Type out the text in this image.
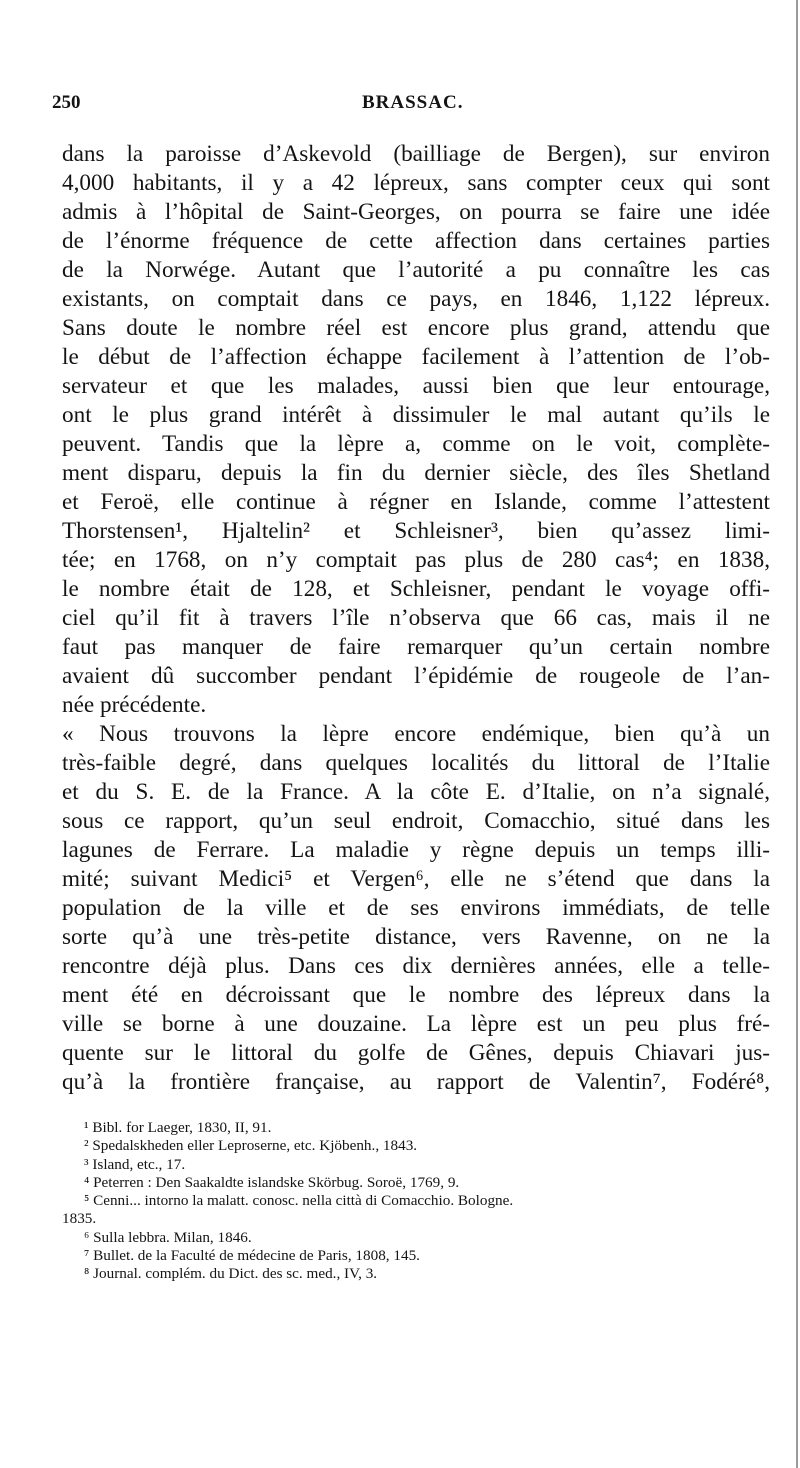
250	BRASSAC.
dans la paroisse d’Askevold (bailliage de Bergen), sur environ
4,000 habitants, il y a 42 lépreux, sans compter ceux qui sont
admis à l’hôpital de Saint-Georges, on pourra se faire une idée
de l’énorme fréquence de cette affection dans certaines parties
de la Norwége. Autant que l’autorité a pu connaître les cas
existants, on comptait dans ce pays, en 1846, 1,122 lépreux.
Sans doute le nombre réel est encore plus grand, attendu que
le début de l’affection échappe facilement à l’attention de l’ob-
servateur et que les malades, aussi bien que leur entourage,
ont le plus grand intérêt à dissimuler le mal autant qu’ils le
peuvent. Tandis que la lèpre a, comme on le voit, complète-
ment disparu, depuis la fin du dernier siècle, des îles Shetland
et Feroë, elle continue à régner en Islande, comme l’attestent
Thorstensen¹, Hjaltelin² et Schleisner³, bien qu’assez limi-
tée; en 1768, on n’y comptait pas plus de 280 cas⁴; en 1838,
le nombre était de 128, et Schleisner, pendant le voyage offi-
ciel qu’il fit à travers l’île n’observa que 66 cas, mais il ne
faut pas manquer de faire remarquer qu’un certain nombre
avaient dû succomber pendant l’épidémie de rougeole de l’an-
née précédente.
« Nous trouvons la lèpre encore endémique, bien qu’à un
très-faible degré, dans quelques localités du littoral de l’Italie
et du S. E. de la France. A la côte E. d’Italie, on n’a signalé,
sous ce rapport, qu’un seul endroit, Comacchio, situé dans les
lagunes de Ferrare. La maladie y règne depuis un temps illi-
mité; suivant Medici⁵ et Vergen⁶, elle ne s’étend que dans la
population de la ville et de ses environs immédiats, de telle
sorte qu’à une très-petite distance, vers Ravenne, on ne la
rencontre déjà plus. Dans ces dix dernières années, elle a telle-
ment été en décroissant que le nombre des lépreux dans la
ville se borne à une douzaine. La lèpre est un peu plus fré-
quente sur le littoral du golfe de Gênes, depuis Chiavari jus-
qu’à la frontière française, au rapport de Valentin⁷, Fodéré⁸,
¹ Bibl. for Laeger, 1830, II, 91.
² Spedalskheden eller Leproserne, etc. Kjöbenh., 1843.
³ Island, etc., 17.
⁴ Peterren : Den Saakaldte islandske Skörbug. Soroë, 1769, 9.
⁵ Cenni... intorno la malatt. conosc. nella città di Comacchio. Bologne.
1835.
⁶ Sulla lebbra. Milan, 1846.
⁷ Bullet. de la Faculté de médecine de Paris, 1808, 145.
⁸ Journal. complém. du Dict. des sc. med., IV, 3.
